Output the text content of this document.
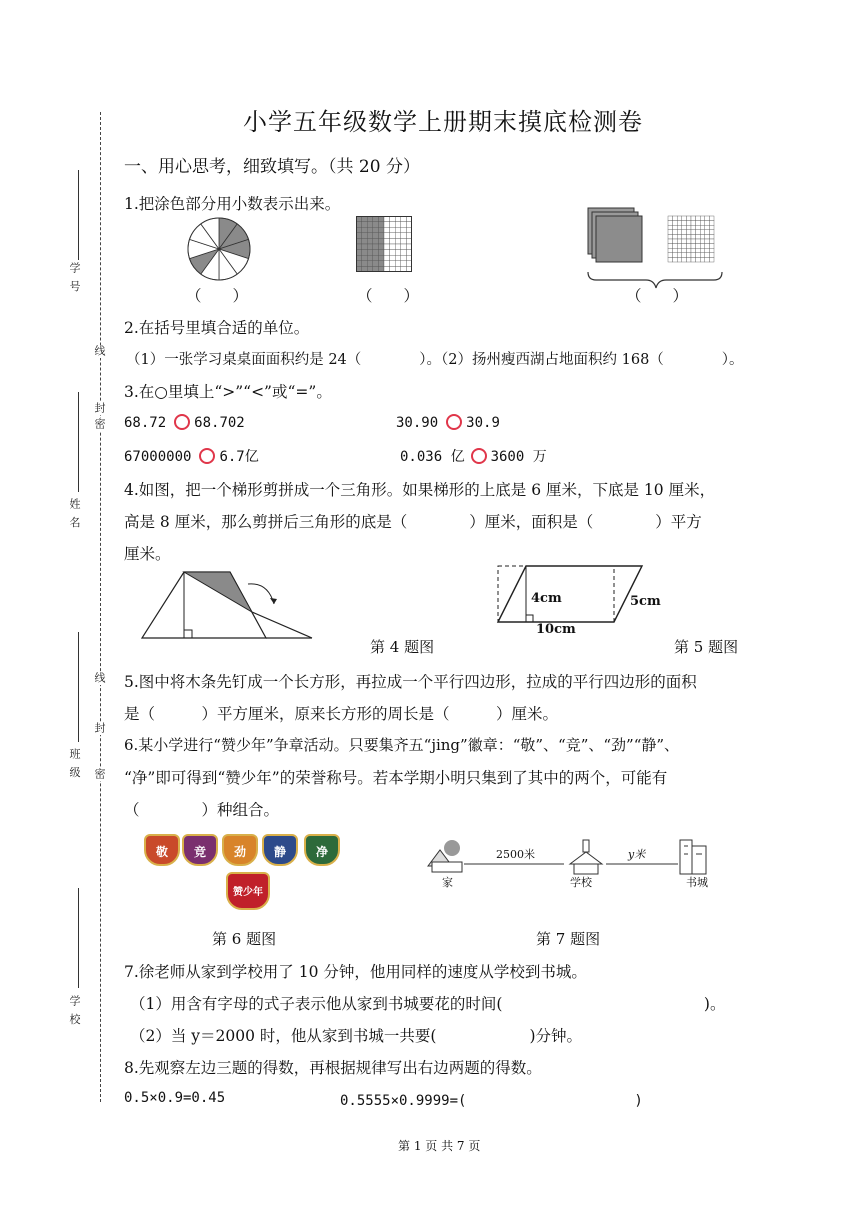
学 号
姓 名
班 级
学 校
线
封
密
线
封
密
小学五年级数学上册期末摸底检测卷
一、用心思考，细致填写。（共 20 分）
1.把涂色部分用小数表示出来。
（　　）	（　　）	（　　）
2.在括号里填合适的单位。
（1）一张学习桌桌面面积约是 24（　　　　）。（2）扬州瘦西湖占地面积约 168（　　　　）。
3.在○里填上“>”“<”或“=”。
68.72 68.702	30.90 30.9
67000000 6.7亿	0.036 亿 3600 万
4.如图，把一个梯形剪拼成一个三角形。如果梯形的上底是 6 厘米，下底是 10 厘米，
高是 8 厘米，那么剪拼后三角形的底是（　　　　）厘米，面积是（　　　　）平方
厘米。
第 4 题图
4cm	5cm
10cm
第 5 题图
5.图中将木条先钉成一个长方形，再拉成一个平行四边形，拉成的平行四边形的面积
是（　　　）平方厘米，原来长方形的周长是（　　　）厘米。
6.某小学进行“赞少年”争章活动。只要集齐五“jing”徽章：“敬”、“竞”、“劲”“静”、
“净”即可得到“赞少年”的荣誉称号。若本学期小明只集到了其中的两个，可能有
（　　　　）种组合。
敬	竞	劲	静	净
赞少年
第 6 题图
2500米	y米
家	学校	书城
第 7 题图
7.徐老师从家到学校用了 10 分钟，他用同样的速度从学校到书城。
（1）用含有字母的式子表示他从家到书城要花的时间(　　　　　　　　　　　　　)。
（2）当 y＝2000 时，他从家到书城一共要(　　　　　　)分钟。
8.先观察左边三题的得数，再根据规律写出右边两题的得数。
0.5×0.9=0.45	0.5555×0.9999=(　　　　　　　　　　　　)
第 1 页 共 7 页
